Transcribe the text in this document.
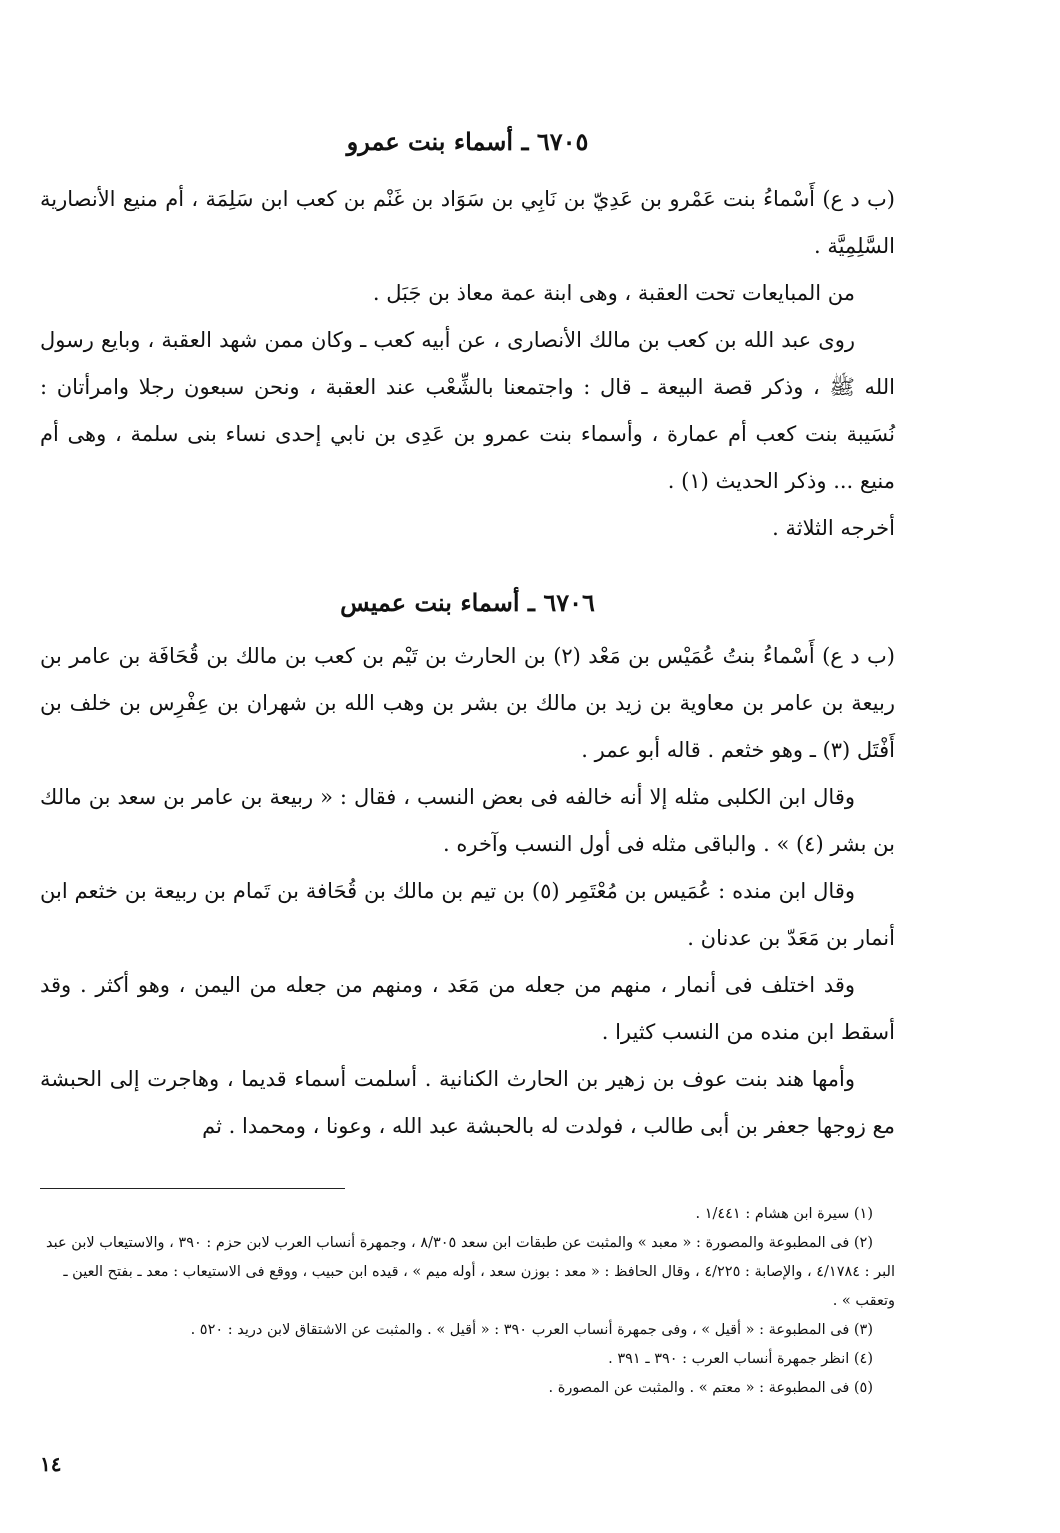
٦٧٠٥ ـ أسماء بنت عمرو

(ب د ع) أَسْماءُ بنت عَمْرو بن عَدِيّ بن نَابِي بن سَوَاد بن غَنْم بن كعب ابن سَلِمَة ، أم منيع الأنصارية السَّلِمِيَّة .

من المبايعات تحت العقبة ، وهى ابنة عمة معاذ بن جَبَل .

روى عبد الله بن كعب بن مالك الأنصارى ، عن أبيه كعب ـ وكان ممن شهد العقبة ، وبايع رسول الله ﷺ ، وذكر قصة البيعة ـ قال : واجتمعنا بالشِّعْب عند العقبة ، ونحن سبعون رجلا وامرأتان : نُسَيبة بنت كعب أم عمارة ، وأسماء بنت عمرو بن عَدِى بن نابي إحدى نساء بنى سلمة ، وهى أم منيع ... وذكر الحديث (١) .

أخرجه الثلاثة .

٦٧٠٦ ـ أسماء بنت عميس

(ب د ع) أَسْماءُ بنتُ عُمَيْس بن مَعْد (٢) بن الحارث بن تَيْم بن كعب بن مالك بن قُحَافَة بن عامر بن ربيعة بن عامر بن معاوية بن زيد بن مالك بن بشر بن وهب الله بن شهران بن عِفْرِس بن خلف بن أَفْتَل (٣) ـ وهو خثعم . قاله أبو عمر .

وقال ابن الكلبى مثله إلا أنه خالفه فى بعض النسب ، فقال : « ربيعة بن عامر بن سعد بن مالك بن بشر (٤) » . والباقى مثله فى أول النسب وآخره .

وقال ابن منده : عُمَيس بن مُعْتَمِر (٥) بن تيم بن مالك بن قُحَافة بن تَمام بن ربيعة بن خثعم ابن أنمار بن مَعَدّ بن عدنان .

وقد اختلف فى أنمار ، منهم من جعله من مَعَد ، ومنهم من جعله من اليمن ، وهو أكثر . وقد أسقط ابن منده من النسب كثيرا .

وأمها هند بنت عوف بن زهير بن الحارث الكنانية . أسلمت أسماء قديما ، وهاجرت إلى الحبشة مع زوجها جعفر بن أبى طالب ، فولدت له بالحبشة عبد الله ، وعونا ، ومحمدا . ثم

(١) سيرة ابن هشام : ١/٤٤١ .

(٢) فى المطبوعة والمصورة : « معبد » والمثبت عن طبقات ابن سعد ٨/٣٠٥ ، وجمهرة أنساب العرب لابن حزم : ٣٩٠ ، والاستيعاب لابن عبد البر : ٤/١٧٨٤ ، والإصابة : ٤/٢٢٥ ، وقال الحافظ : « معد : بوزن سعد ، أوله ميم » ، قيده ابن حبيب ، ووقع فى الاستيعاب : معد ـ بفتح العين ـ وتعقب » .

(٣) فى المطبوعة : « أقيل » ، وفى جمهرة أنساب العرب ٣٩٠ : « أقيل » . والمثبت عن الاشتقاق لابن دريد : ٥٢٠ .

(٤) انظر جمهرة أنساب العرب : ٣٩٠ ـ ٣٩١ .

(٥) فى المطبوعة : « معتم » . والمثبت عن المصورة .

١٤
